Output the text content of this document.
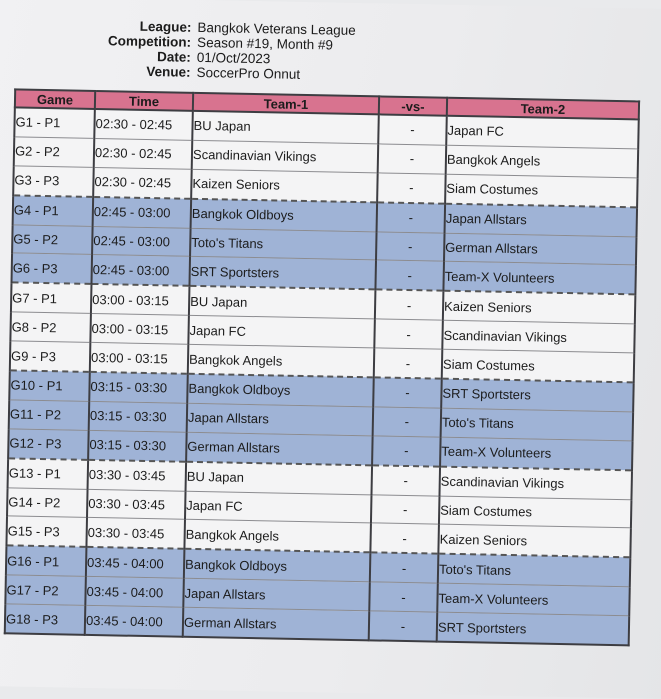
League: Bangkok Veterans League
Competition: Season #19, Month #9
Date: 01/Oct/2023
Venue: SoccerPro Onnut
Game	Time	Team-1	-vs-	Team-2
G1 - P1	02:30 - 02:45	BU Japan	-	Japan FC
G2 - P2	02:30 - 02:45	Scandinavian Vikings	-	Bangkok Angels
G3 - P3	02:30 - 02:45	Kaizen Seniors	-	Siam Costumes
G4 - P1	02:45 - 03:00	Bangkok Oldboys	-	Japan Allstars
G5 - P2	02:45 - 03:00	Toto's Titans	-	German Allstars
G6 - P3	02:45 - 03:00	SRT Sportsters	-	Team-X Volunteers
G7 - P1	03:00 - 03:15	BU Japan	-	Kaizen Seniors
G8 - P2	03:00 - 03:15	Japan FC	-	Scandinavian Vikings
G9 - P3	03:00 - 03:15	Bangkok Angels	-	Siam Costumes
G10 - P1	03:15 - 03:30	Bangkok Oldboys	-	SRT Sportsters
G11 - P2	03:15 - 03:30	Japan Allstars	-	Toto's Titans
G12 - P3	03:15 - 03:30	German Allstars	-	Team-X Volunteers
G13 - P1	03:30 - 03:45	BU Japan	-	Scandinavian Vikings
G14 - P2	03:30 - 03:45	Japan FC	-	Siam Costumes
G15 - P3	03:30 - 03:45	Bangkok Angels	-	Kaizen Seniors
G16 - P1	03:45 - 04:00	Bangkok Oldboys	-	Toto's Titans
G17 - P2	03:45 - 04:00	Japan Allstars	-	Team-X Volunteers
G18 - P3	03:45 - 04:00	German Allstars	-	SRT Sportsters
